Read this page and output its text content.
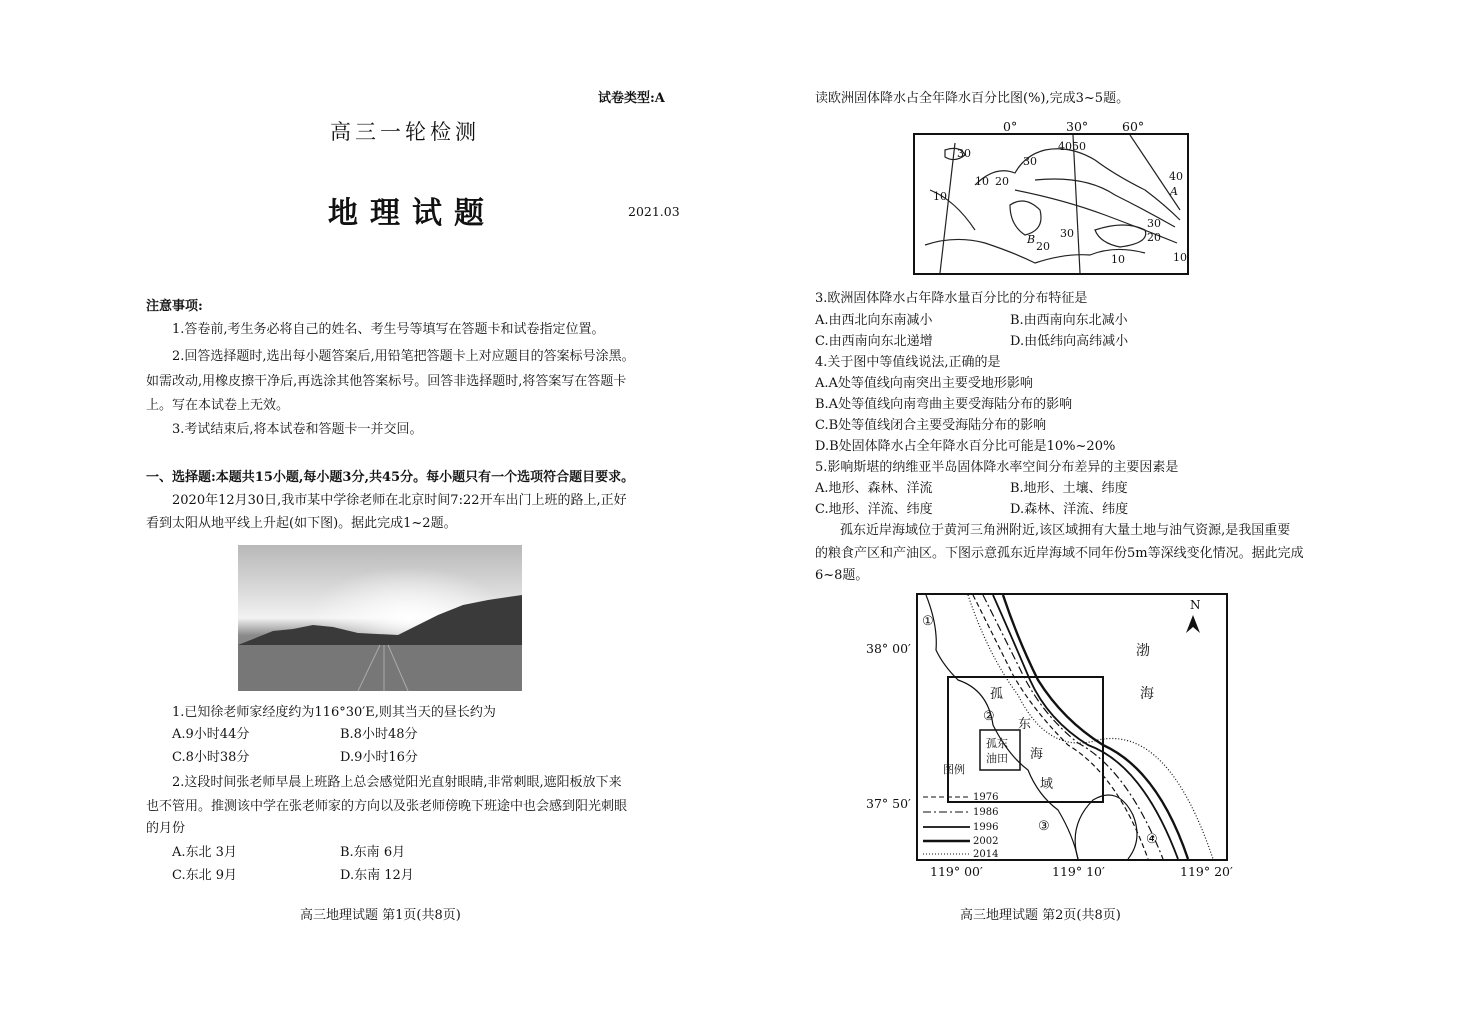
试卷类型:A
高三一轮检测
地理试题	2021.03
注意事项:
1.答卷前,考生务必将自己的姓名、考生号等填写在答题卡和试卷指定位置。
2.回答选择题时,选出每小题答案后,用铅笔把答题卡上对应题目的答案标号涂黑。
如需改动,用橡皮擦干净后,再选涂其他答案标号。回答非选择题时,将答案写在答题卡
上。写在本试卷上无效。
3.考试结束后,将本试卷和答题卡一并交回。
一、选择题:本题共15小题,每小题3分,共45分。每小题只有一个选项符合题目要求。
2020年12月30日,我市某中学徐老师在北京时间7:22开车出门上班的路上,正好
看到太阳从地平线上升起(如下图)。据此完成1~2题。
1.已知徐老师家经度约为116°30′E,则其当天的昼长约为
A.9小时44分	B.8小时48分
C.8小时38分	D.9小时16分
2.这段时间张老师早晨上班路上总会感觉阳光直射眼睛,非常刺眼,遮阳板放下来
也不管用。推测该中学在张老师家的方向以及张老师傍晚下班途中也会感到阳光刺眼
的月份
A.东北 3月	B.东南 6月
C.东北 9月	D.东南 12月
高三地理试题 第1页(共8页)
读欧洲固体降水占全年降水百分比图(%),完成3~5题。
30
30
40 50
10 20
10
40
30
20
30
20
10	10
A
B
0°	30°	60°
3.欧洲固体降水占年降水量百分比的分布特征是
A.由西北向东南减小	B.由西南向东北减小
C.由西南向东北递增	D.由低纬向高纬减小
4.关于图中等值线说法,正确的是
A.A处等值线向南突出主要受地形影响
B.A处等值线向南弯曲主要受海陆分布的影响
C.B处等值线闭合主要受海陆分布的影响
D.B处固体降水占全年降水百分比可能是10%~20%
5.影响斯堪的纳维亚半岛固体降水率空间分布差异的主要因素是
A.地形、森林、洋流	B.地形、土壤、纬度
C.地形、洋流、纬度	D.森林、洋流、纬度
孤东近岸海域位于黄河三角洲附近,该区域拥有大量土地与油气资源,是我国重要
的粮食产区和产油区。下图示意孤东近岸海域不同年份5m等深线变化情况。据此完成
6~8题。
N
渤
海
孤
东
海
域
孤东
油田
①
②
③
④
图例
1976
1986
1996
2002
2014
38° 00′
37° 50′
119° 00′	119° 10′	119° 20′
高三地理试题 第2页(共8页)
